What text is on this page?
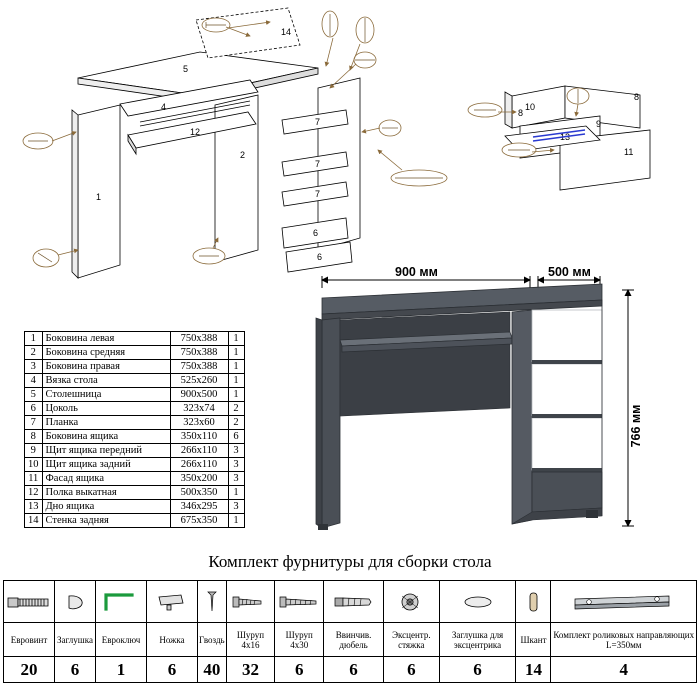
5
14
1
2
4
12
7
7
7
6
6
10
8
8
9
11
13
1	Боковина левая	750x388	1
2	Боковина средняя	750x388	1
3	Боковина правая	750x388	1
4	Вязка стола	525x260	1
5	Столешница	900x500	1
6	Цоколь	323x74	2
7	Планка	323x60	2
8	Боковина ящика	350x110	6
9	Щит ящика передний	266x110	3
10	Щит ящика задний	266x110	3
11	Фасад ящика	350x200	3
12	Полка выкатная	500x350	1
13	Дно ящика	346x295	3
14	Стенка задняя	675x350	1
900 мм	500 мм
766 мм
Комплект фурнитуры для сборки стола

Еврoвинт	Заглушка	Евроключ	Ножка	Гвоздь	Шуруп 4х16	Шуруп 4х30	Ввинчив. дюбель	Эксцентр. стяжка	Заглушка для эксцентрика	Шкант	Комплект роликовых направляющих L=350мм
20	6	1	6	40	32	6	6	6	6	14	4
